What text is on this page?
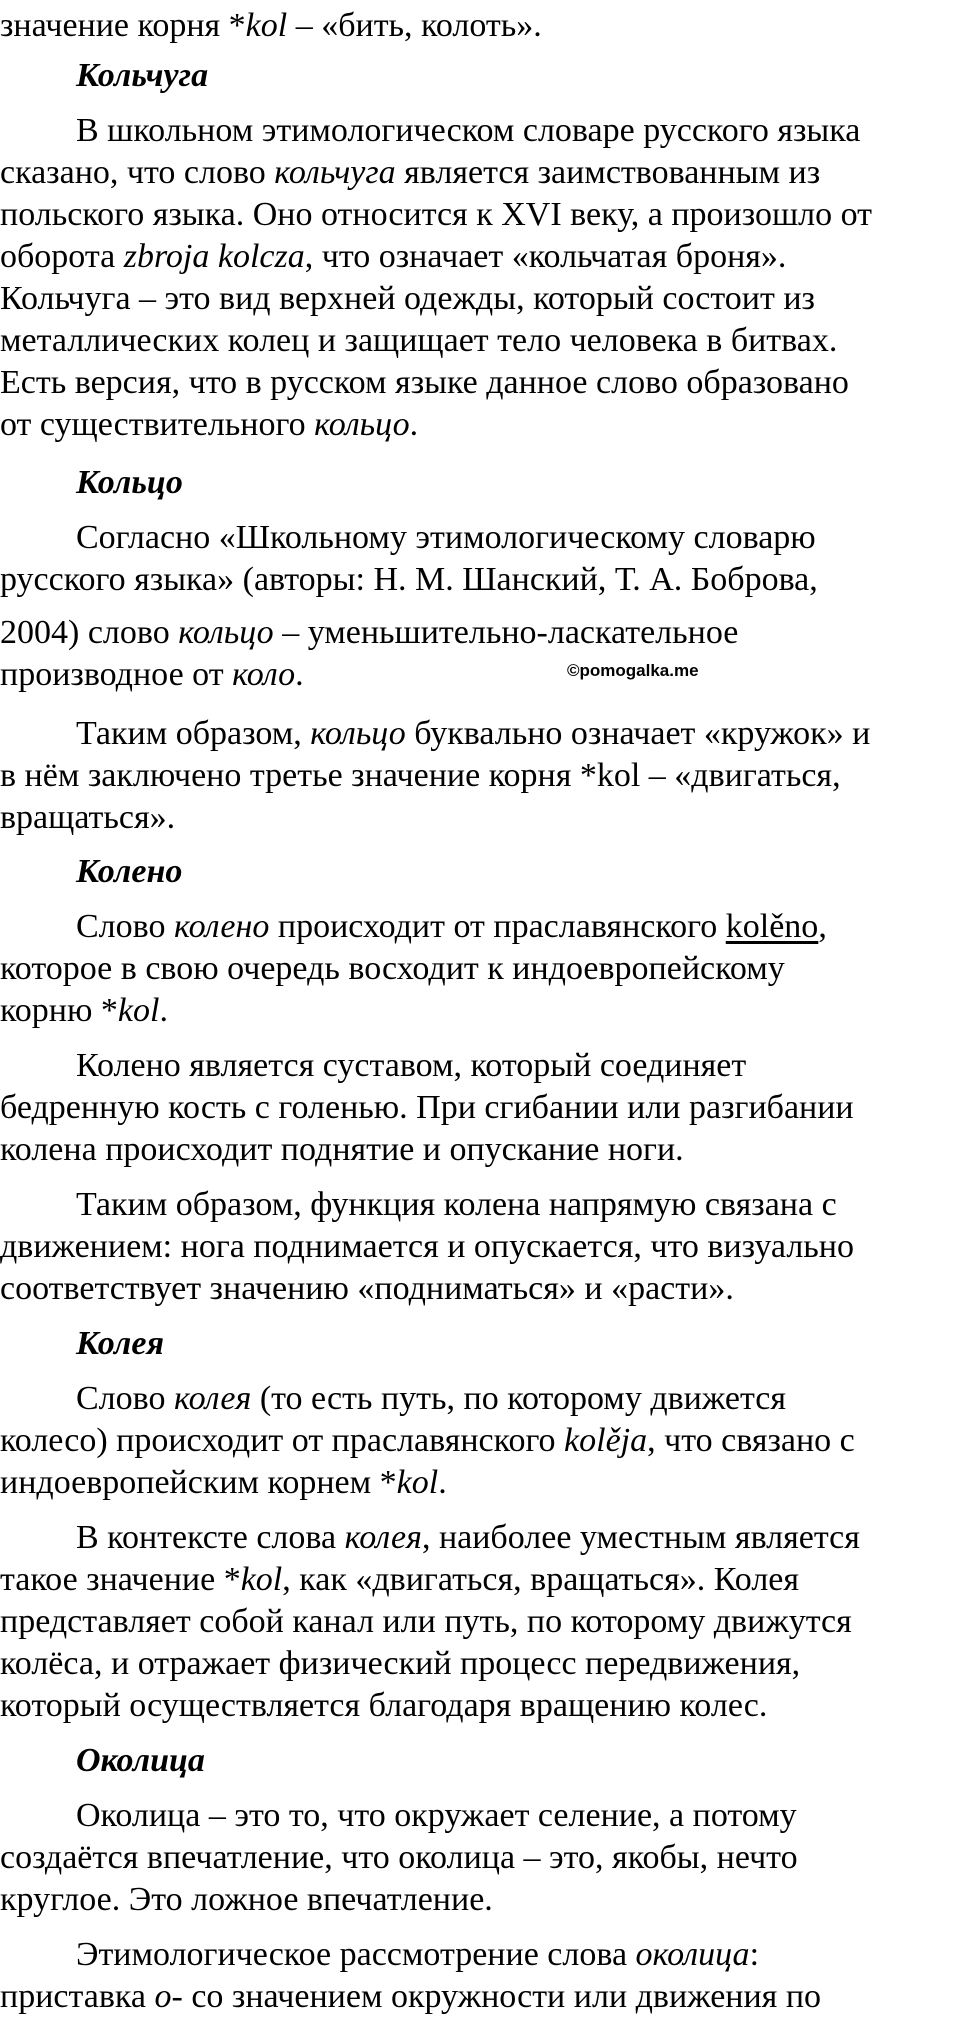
значение корня *kol – «бить, колоть».
Кольчуга
В школьном этимологическом словаре русского языка
сказано, что слово кольчуга является заимствованным из
польского языка. Оно относится к XVI веку, а произошло от
оборота zbroja kolcza, что означает «кольчатая броня».
Кольчуга – это вид верхней одежды, который состоит из
металлических колец и защищает тело человека в битвах.
Есть версия, что в русском языке данное слово образовано
от существительного кольцо.
Кольцо
Согласно «Школьному этимологическому словарю
русского языка» (авторы: Н. М. Шанский, Т. А. Боброва,
2004) слово кольцо – уменьшительно-ласкательное
производное от коло.	©pomogalka.me
Таким образом, кольцо буквально означает «кружок» и
в нём заключено третье значение корня *kol – «двигаться,
вращаться».
Колено
Слово колено происходит от праславянского kolěno,
которое в свою очередь восходит к индоевропейскому
корню *kol.
Колено является суставом, который соединяет
бедренную кость с голенью. При сгибании или разгибании
колена происходит поднятие и опускание ноги.
Таким образом, функция колена напрямую связана с
движением: нога поднимается и опускается, что визуально
соответствует значению «подниматься» и «расти».
Колея
Слово колея (то есть путь, по которому движется
колесо) происходит от праславянского kolěja, что связано с
индоевропейским корнем *kol.
В контексте слова колея, наиболее уместным является
такое значение *kol, как «двигаться, вращаться». Колея
представляет собой канал или путь, по которому движутся
колёса, и отражает физический процесс передвижения,
который осуществляется благодаря вращению колес.
Околица
Околица – это то, что окружает селение, а потому
создаётся впечатление, что околица – это, якобы, нечто
круглое. Это ложное впечатление.
Этимологическое рассмотрение слова околица:
приставка о- со значением окружности или движения по
